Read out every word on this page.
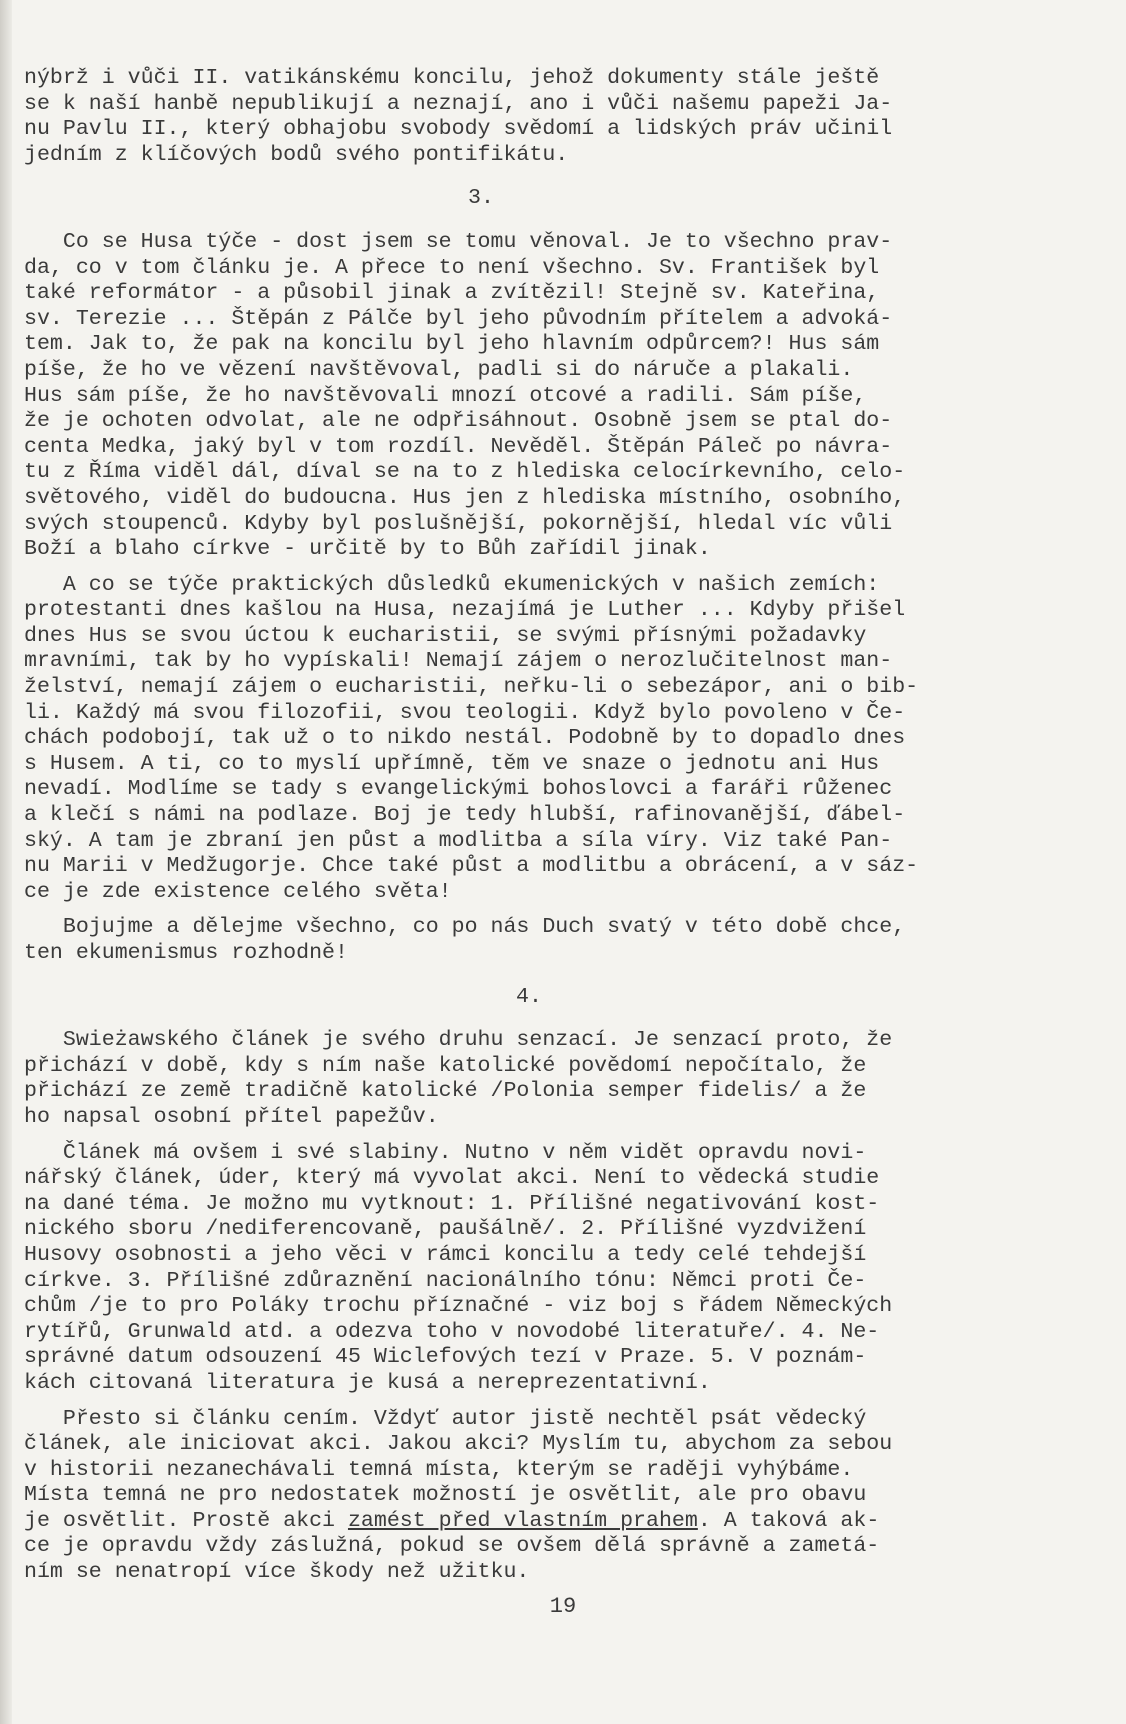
nýbrž i vůči II. vatikánskému koncilu, jehož dokumenty stále ještě
se k naší hanbě nepublikují a neznají, ano i vůči našemu papeži Ja-
nu Pavlu II., který obhajobu svobody svědomí a lidských práv učinil
jedním z klíčových bodů svého pontifikátu.

3.

Co se Husa týče - dost jsem se tomu věnoval. Je to všechno prav-
da, co v tom článku je. A přece to není všechno. Sv. František byl
také reformátor - a působil jinak a zvítězil! Stejně sv. Kateřina,
sv. Terezie ... Štěpán z Pálče byl jeho původním přítelem a advoká-
tem. Jak to, že pak na koncilu byl jeho hlavním odpůrcem?! Hus sám
píše, že ho ve vězení navštěvoval, padli si do náruče a plakali.
Hus sám píše, že ho navštěvovali mnozí otcové a radili. Sám píše,
že je ochoten odvolat, ale ne odpřisáhnout. Osobně jsem se ptal do-
centa Medka, jaký byl v tom rozdíl. Nevěděl. Štěpán Páleč po návra-
tu z Říma viděl dál, díval se na to z hlediska celocírkevního, celo-
světového, viděl do budoucna. Hus jen z hlediska místního, osobního,
svých stoupenců. Kdyby byl poslušnější, pokornější, hledal víc vůli
Boží a blaho církve - určitě by to Bůh zařídil jinak.

A co se týče praktických důsledků ekumenických v našich zemích:
protestanti dnes kašlou na Husa, nezajímá je Luther ... Kdyby přišel
dnes Hus se svou úctou k eucharistii, se svými přísnými požadavky
mravními, tak by ho vypískali! Nemají zájem o nerozlučitelnost man-
želství, nemají zájem o eucharistii, neřku-li o sebezápor, ani o bib-
li. Každý má svou filozofii, svou teologii. Když bylo povoleno v Če-
chách podobojí, tak už o to nikdo nestál. Podobně by to dopadlo dnes
s Husem. A ti, co to myslí upřímně, těm ve snaze o jednotu ani Hus
nevadí. Modlíme se tady s evangelickými bohoslovci a faráři růženec
a klečí s námi na podlaze. Boj je tedy hlubší, rafinovanější, ďábel-
ský. A tam je zbraní jen půst a modlitba a síla víry. Viz také Pan-
nu Marii v Medžugorje. Chce také půst a modlitbu a obrácení, a v sáz-
ce je zde existence celého světa!

Bojujme a dělejme všechno, co po nás Duch svatý v této době chce,
ten ekumenismus rozhodně!

4.

Swieżawského článek je svého druhu senzací. Je senzací proto, že
přichází v době, kdy s ním naše katolické povědomí nepočítalo, že
přichází ze země tradičně katolické /Polonia semper fidelis/ a že
ho napsal osobní přítel papežův.

Článek má ovšem i své slabiny. Nutno v něm vidět opravdu novi-
nářský článek, úder, který má vyvolat akci. Není to vědecká studie
na dané téma. Je možno mu vytknout: 1. Přílišné negativování kost-
nického sboru /nediferencovaně, paušálně/. 2. Přílišné vyzdvižení
Husovy osobnosti a jeho věci v rámci koncilu a tedy celé tehdejší
církve. 3. Přílišné zdůraznění nacionálního tónu: Němci proti Če-
chům /je to pro Poláky trochu příznačné - viz boj s řádem Německých
rytířů, Grunwald atd. a odezva toho v novodobé literatuře/. 4. Ne-
správné datum odsouzení 45 Wiclefových tezí v Praze. 5. V poznám-
kách citovaná literatura je kusá a nereprezentativní.

Přesto si článku cením. Vždyť autor jistě nechtěl psát vědecký
článek, ale iniciovat akci. Jakou akci? Myslím tu, abychom za sebou
v historii nezanechávali temná místa, kterým se raději vyhýbáme.
Místa temná ne pro nedostatek možností je osvětlit, ale pro obavu
je osvětlit. Prostě akci zamést před vlastním prahem. A taková ak-
ce je opravdu vždy záslužná, pokud se ovšem dělá správně a zametá-
ním se nenatropí více škody než užitku.

19
